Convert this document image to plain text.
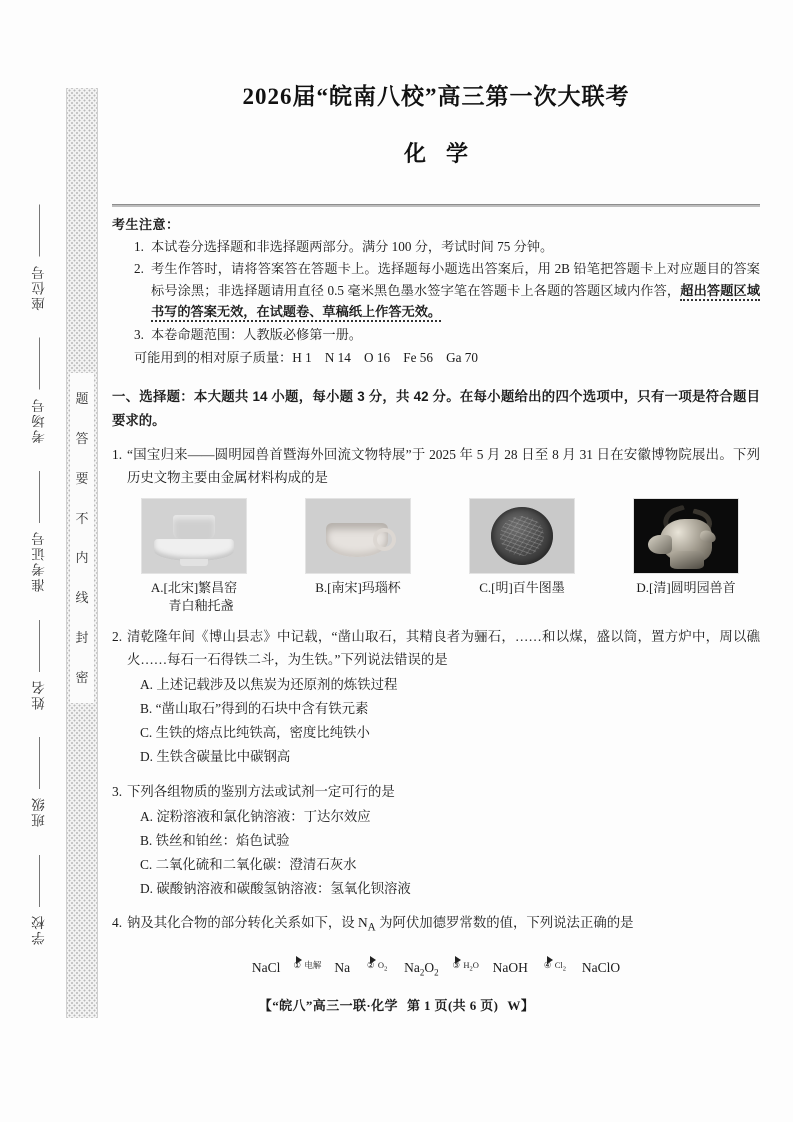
座位号
考场号
准考证号
姓名
班级
学校
题
答
要
不
内
线
封
密
2026届“皖南八校”高三第一次大联考
化学
考生注意：
1. 本试卷分选择题和非选择题两部分。满分 100 分，考试时间 75 分钟。
2. 考生作答时，请将答案答在答题卡上。选择题每小题选出答案后，用 2B 铅笔把答题卡上对应题目的答案标号涂黑；非选择题请用直径 0.5 毫米黑色墨水签字笔在答题卡上各题的答题区域内作答，超出答题区域书写的答案无效，在试题卷、草稿纸上作答无效。
3. 本卷命题范围：人教版必修第一册。
可能用到的相对原子质量：H 1　N 14　O 16　Fe 56　Ga 70
一、选择题：本大题共 14 小题，每小题 3 分，共 42 分。在每小题给出的四个选项中，只有一项是符合题目要求的。
1. “国宝归来——圆明园兽首暨海外回流文物特展”于 2025 年 5 月 28 日至 8 月 31 日在安徽博物院展出。下列历史文物主要由金属材料构成的是
A.[北宋]繁昌窑
青白釉托盏
B.[南宋]玛瑙杯	C.[明]百牛图墨	D.[清]圆明园兽首
2. 清乾隆年间《博山县志》中记载，“凿山取石，其精良者为骊石，……和以煤，盛以筒，置方炉中，周以礁火……每石一石得铁二斗，为生铁。”下列说法错误的是
A. 上述记载涉及以焦炭为还原剂的炼铁过程
B. “凿山取石”得到的石块中含有铁元素
C. 生铁的熔点比纯铁高，密度比纯铁小
D. 生铁含碳量比中碳钢高
3. 下列各组物质的鉴别方法或试剂一定可行的是
A. 淀粉溶液和氯化钠溶液：丁达尔效应
B. 铁丝和铂丝：焰色试验
C. 二氧化硫和二氧化碳：澄清石灰水
D. 碳酸钠溶液和碳酸氢钠溶液：氢氧化钡溶液
4. 钠及其化合物的部分转化关系如下，设 $N_A$ 为阿伏加德罗常数的值，下列说法正确的是
NaCl	① 电解 Na	② $O_2$	$Na_2O_2$
③ $H_2O$	NaOH	④ $Cl_2$	NaClO
【“皖八”高三一联·化学 第 1 页(共 6 页) W】
